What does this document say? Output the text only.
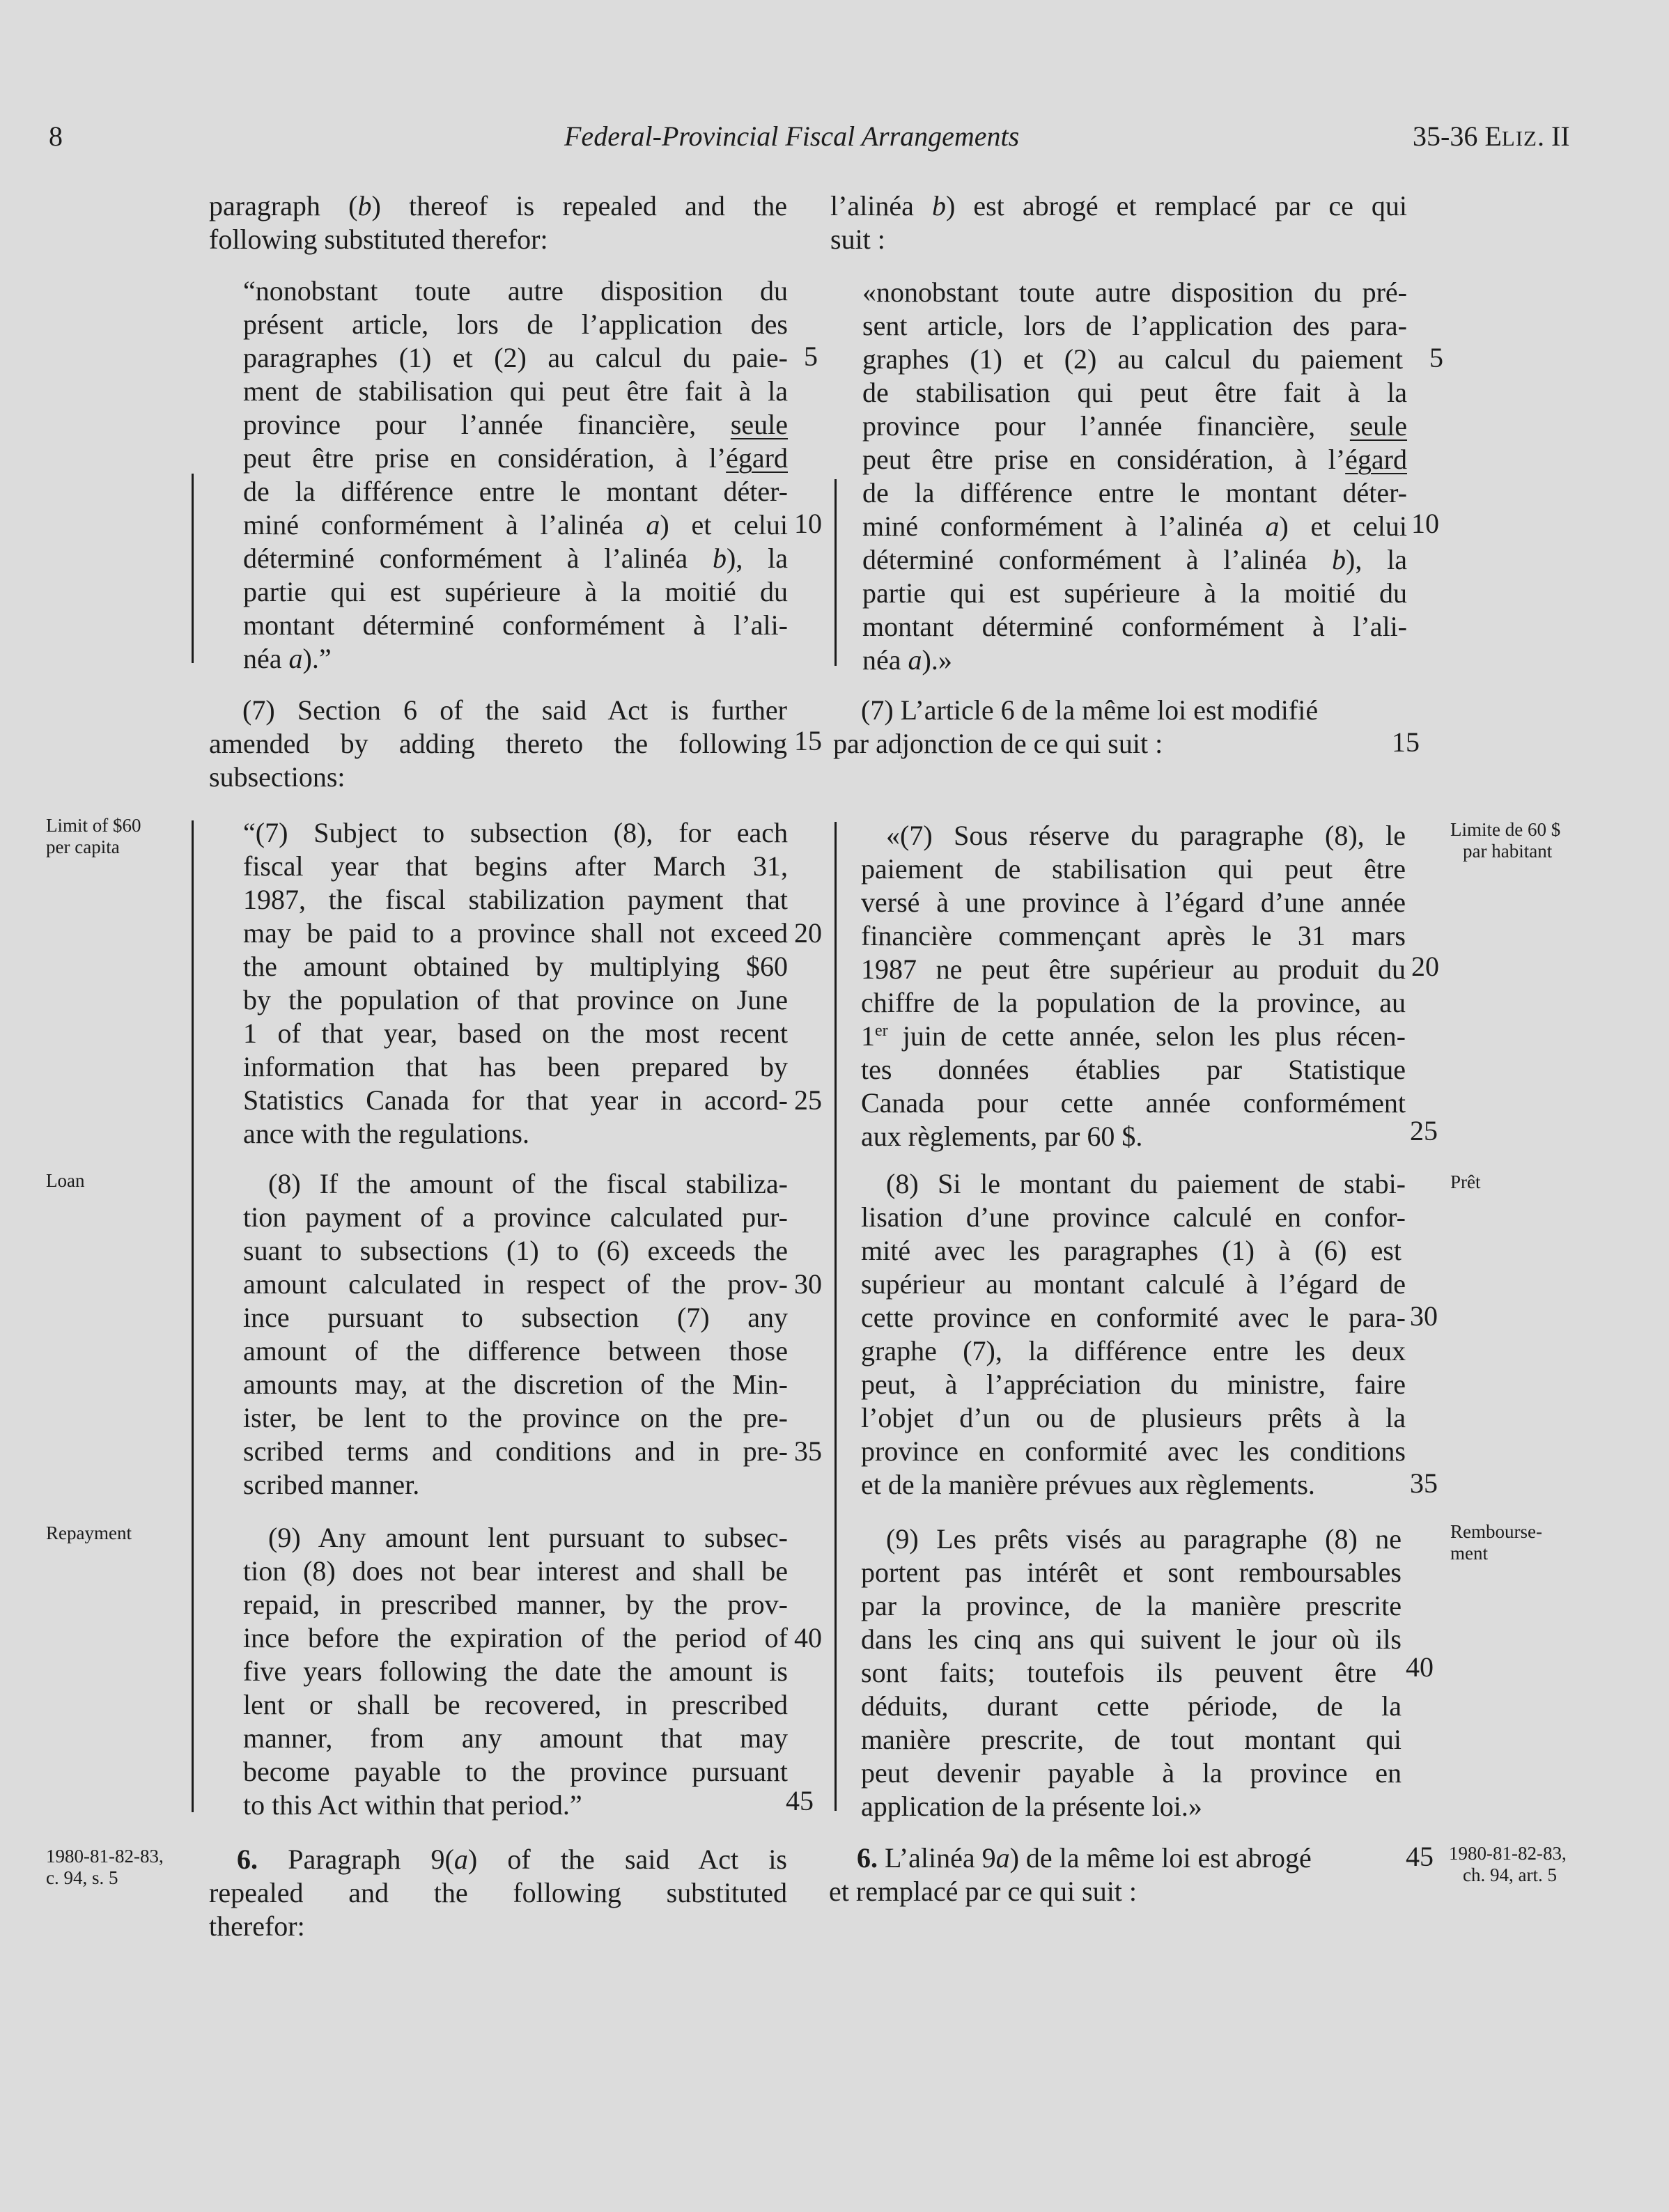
8	Federal-Provincial Fiscal Arrangements	35-36 ELIZ. II
paragraph (b) thereof is repealed and the
following substituted therefor:
“nonobstant toute autre disposition du
présent article, lors de l’application des
paragraphes (1) et (2) au calcul du paie-
ment de stabilisation qui peut être fait à la
province pour l’année financière, seule
peut être prise en considération, à l’égard
de la différence entre le montant déter-
miné conformément à l’alinéa a) et celui
déterminé conformément à l’alinéa b), la
partie qui est supérieure à la moitié du
montant déterminé conformément à l’ali-
néa a).”
(7) Section 6 of the said Act is further
amended by adding thereto the following
subsections:
“(7) Subject to subsection (8), for each
fiscal year that begins after March 31,
1987, the fiscal stabilization payment that
may be paid to a province shall not exceed
the amount obtained by multiplying $60
by the population of that province on June
1 of that year, based on the most recent
information that has been prepared by
Statistics Canada for that year in accord-
ance with the regulations.
(8) If the amount of the fiscal stabiliza-
tion payment of a province calculated pur-
suant to subsections (1) to (6) exceeds the
amount calculated in respect of the prov-
ince pursuant to subsection (7) any
amount of the difference between those
amounts may, at the discretion of the Min-
ister, be lent to the province on the pre-
scribed terms and conditions and in pre-
scribed manner.
(9) Any amount lent pursuant to subsec-
tion (8) does not bear interest and shall be
repaid, in prescribed manner, by the prov-
ince before the expiration of the period of
five years following the date the amount is
lent or shall be recovered, in prescribed
manner, from any amount that may
become payable to the province pursuant
to this Act within that period.”
6. Paragraph 9(a) of the said Act is
repealed and the following substituted
therefor:
5
10
15
20
25
30
35
40
45
l’alinéa b) est abrogé et remplacé par ce qui
suit :
«nonobstant toute autre disposition du pré-
sent article, lors de l’application des para-
graphes (1) et (2) au calcul du paiement
de stabilisation qui peut être fait à la
province pour l’année financière, seule
peut être prise en considération, à l’égard
de la différence entre le montant déter-
miné conformément à l’alinéa a) et celui
déterminé conformément à l’alinéa b), la
partie qui est supérieure à la moitié du
montant déterminé conformément à l’ali-
néa a).»
(7) L’article 6 de la même loi est modifié
par adjonction de ce qui suit :
«(7) Sous réserve du paragraphe (8), le
paiement de stabilisation qui peut être
versé à une province à l’égard d’une année
financière commençant après le 31 mars
1987 ne peut être supérieur au produit du
chiffre de la population de la province, au
1er juin de cette année, selon les plus récen-
tes données établies par Statistique
Canada pour cette année conformément
aux règlements, par 60 $.
(8) Si le montant du paiement de stabi-
lisation d’une province calculé en confor-
mité avec les paragraphes (1) à (6) est
supérieur au montant calculé à l’égard de
cette province en conformité avec le para-
graphe (7), la différence entre les deux
peut, à l’appréciation du ministre, faire
l’objet d’un ou de plusieurs prêts à la
province en conformité avec les conditions
et de la manière prévues aux règlements.
(9) Les prêts visés au paragraphe (8) ne
portent pas intérêt et sont remboursables
par la province, de la manière prescrite
dans les cinq ans qui suivent le jour où ils
sont faits; toutefois ils peuvent être
déduits, durant cette période, de la
manière prescrite, de tout montant qui
peut devenir payable à la province en
application de la présente loi.»
6. L’alinéa 9a) de la même loi est abrogé
et remplacé par ce qui suit :
5
10
15
20
25
30
35
40
45
Limit of $60
per capita
Loan
Repayment
1980-81-82-83,
c. 94, s. 5
Limite de 60 $
par habitant
Prêt
Rembourse-
ment
1980-81-82-83,
ch. 94, art. 5
